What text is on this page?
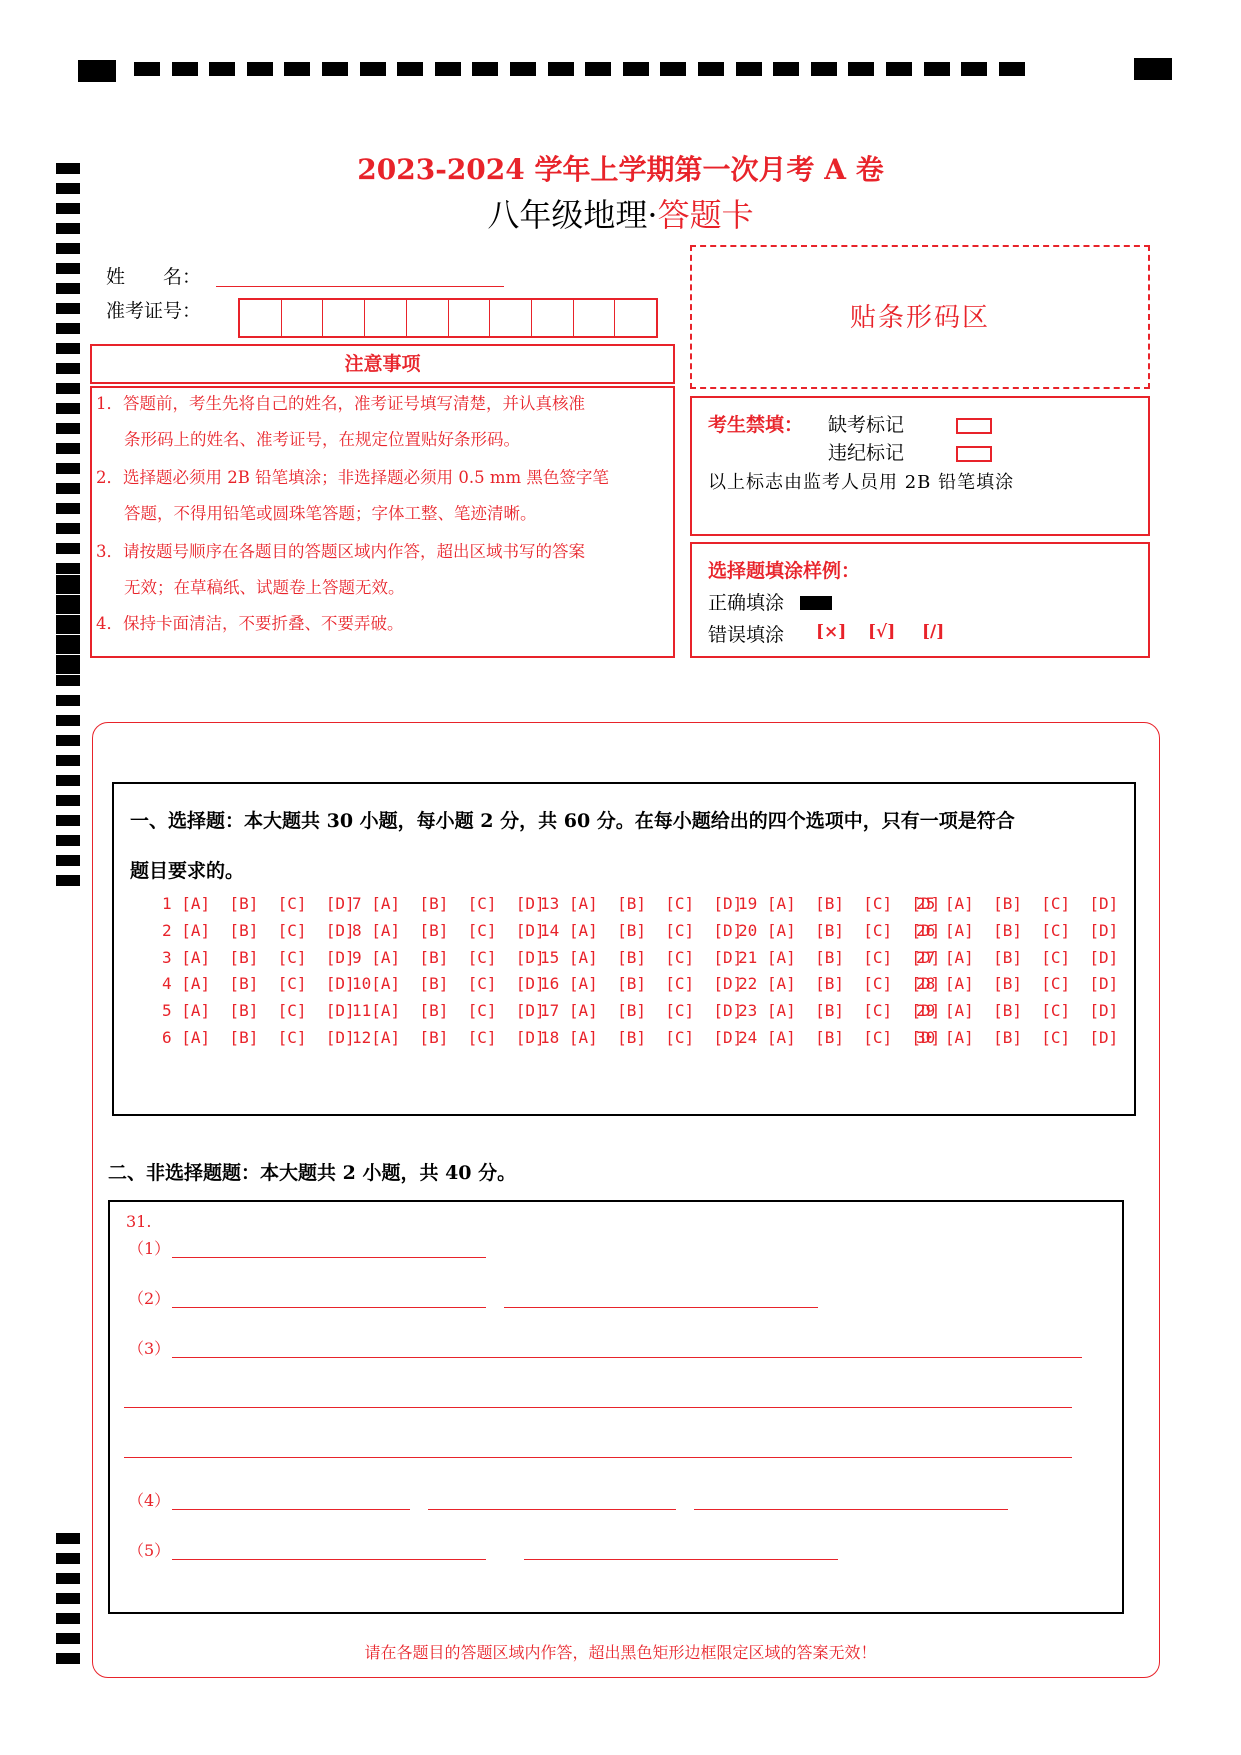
2023-2024 学年上学期第一次月考 A 卷
八年级地理·答题卡
姓　　名：
准考证号：	贴条形码区
注意事项
1．答题前，考生先将自己的姓名，准考证号填写清楚，并认真核准
条形码上的姓名、准考证号，在规定位置贴好条形码。
2．选择题必须用 2B 铅笔填涂；非选择题必须用 0.5 mm 黑色签字笔
答题，不得用铅笔或圆珠笔答题；字体工整、笔迹清晰。
3．请按题号顺序在各题目的答题区域内作答，超出区域书写的答案
无效；在草稿纸、试题卷上答题无效。
4．保持卡面清洁，不要折叠、不要弄破。
考生禁填： 缺考标记
违纪标记
以上标志由监考人员用 2B 铅笔填涂
选择题填涂样例：
正确填涂
错误填涂 [×] [√] [/]
一、选择题：本大题共 30 小题，每小题 2 分，共 60 分。在每小题给出的四个选项中，只有一项是符合
题目要求的。
1 [A]  [B]  [C]  [D]
2 [A]  [B]  [C]  [D]
3 [A]  [B]  [C]  [D]
4 [A]  [B]  [C]  [D]
5 [A]  [B]  [C]  [D]
6 [A]  [B]  [C]  [D]
7 [A]  [B]  [C]  [D]
8 [A]  [B]  [C]  [D]
9 [A]  [B]  [C]  [D]
10[A]  [B]  [C]  [D]
11[A]  [B]  [C]  [D]
12[A]  [B]  [C]  [D]
13 [A]  [B]  [C]  [D]
14 [A]  [B]  [C]  [D]
15 [A]  [B]  [C]  [D]
16 [A]  [B]  [C]  [D]
17 [A]  [B]  [C]  [D]
18 [A]  [B]  [C]  [D]
19 [A]  [B]  [C]  [D]
20 [A]  [B]  [C]  [D]
21 [A]  [B]  [C]  [D]
22 [A]  [B]  [C]  [D]
23 [A]  [B]  [C]  [D]
24 [A]  [B]  [C]  [D]
25 [A]  [B]  [C]  [D]
26 [A]  [B]  [C]  [D]
27 [A]  [B]  [C]  [D]
28 [A]  [B]  [C]  [D]
29 [A]  [B]  [C]  [D]
30 [A]  [B]  [C]  [D]
二、非选择题题：本大题共 2 小题，共 40 分。
31.
（1）
（2）
（3）
（4）
（5）
请在各题目的答题区域内作答，超出黑色矩形边框限定区域的答案无效！
